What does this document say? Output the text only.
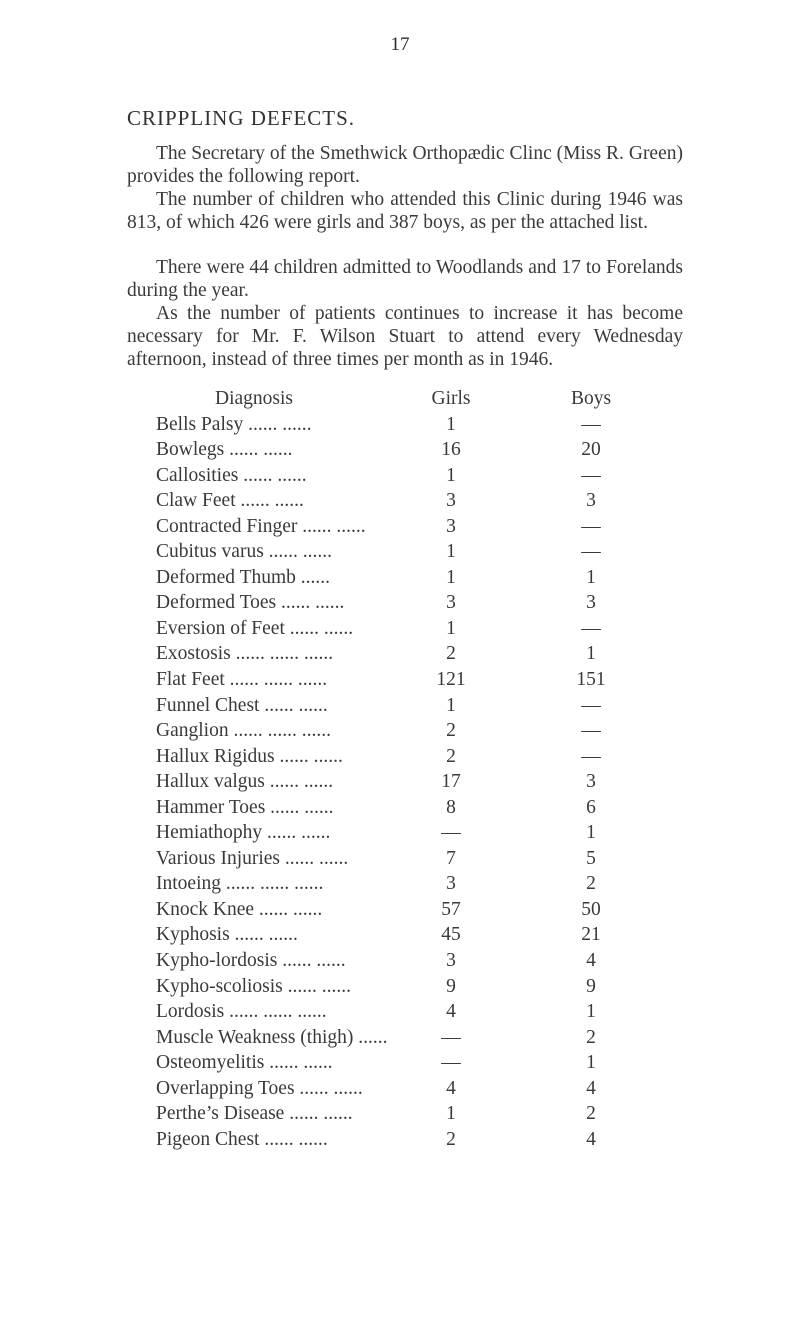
17
CRIPPLING DEFECTS.

The Secretary of the Smethwick Orthopædic Clinc (Miss R. Green) provides the following report.

The number of children who attended this Clinic during 1946 was 813, of which 426 were girls and 387 boys, as per the attached list.

There were 44 children admitted to Woodlands and 17 to Forelands during the year.

As the number of patients continues to increase it has become necessary for Mr. F. Wilson Stuart to attend every Wednesday afternoon, instead of three times per month as in 1946.

Diagnosis	Girls	Boys
Bells Palsy ...... ......	1	—
Bowlegs ...... ......	16	20
Callosities ...... ......	1	—
Claw Feet ...... ......	3	3
Contracted Finger ...... ......	3	—
Cubitus varus ...... ......	1	—
Deformed Thumb ......	1	1
Deformed Toes ...... ......	3	3
Eversion of Feet ...... ......	1	—
Exostosis ...... ...... ......	2	1
Flat Feet ...... ...... ......	121	151
Funnel Chest ...... ......	1	—
Ganglion ...... ...... ......	2	—
Hallux Rigidus ...... ......	2	—
Hallux valgus ...... ......	17	3
Hammer Toes ...... ......	8	6
Hemiathophy ...... ......	—	1
Various Injuries ...... ......	7	5
Intoeing ...... ...... ......	3	2
Knock Knee ...... ......	57	50
Kyphosis ...... ......	45	21
Kypho-lordosis ...... ......	3	4
Kypho-scoliosis ...... ......	9	9
Lordosis ...... ...... ......	4	1
Muscle Weakness (thigh) ......	—	2
Osteomyelitis ...... ......	—	1
Overlapping Toes ...... ......	4	4
Perthe’s Disease ...... ......	1	2
Pigeon Chest ...... ......	2	4
